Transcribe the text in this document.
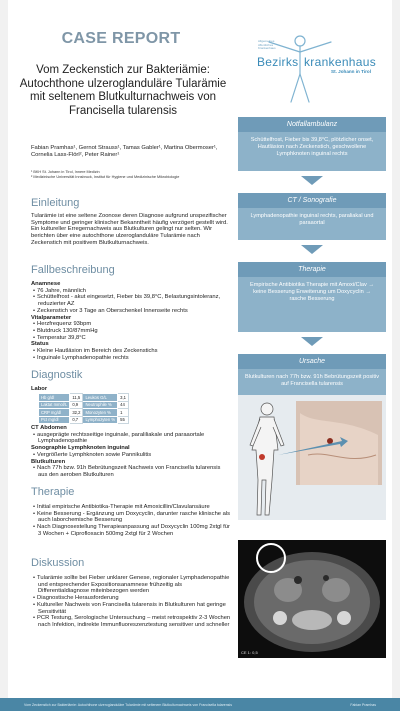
CASE REPORT
Vom Zeckenstich zur Bakteriämie: Autochthone ulzeroglanduläre Tularämie mit seltenem Blutkulturnachweis von Francisella tularensis
Fabian Pramhas¹, Gernot Strauss¹, Tamas Gabler¹, Martina Obermoser¹, Cornelia Lass-Flörl², Peter Rainer¹
¹ BKH St. Johann in Tirol, Innere Medizin
² Medizinische Universität Innsbruck, Institut für Hygiene und Medizinische Mikrobiologie
Allgemeines
öffentliches
Krankenhaus
Bezirks krankenhaus
St. Johann in Tirol
Einleitung
Tularämie ist eine seltene Zoonose deren Diagnose aufgrund unspezifischer Symptome und geringer klinischer Bekanntheit häufig verzögert gestellt wird. Ein kultureller Erregernachweis aus Blutkulturen gelingt nur selten. Wir berichten über eine autochthone ulzeroglanduläre Tularämie nach Zeckenstich mit positivem Blutkulturnachweis.
Fallbeschreibung
Anamnese
• 76 Jahre, männlich
• Schüttelfrost - akut eingesetzt, Fieber bis 39,8°C, Belastungsintoleranz, reduzierter AZ
• Zeckenstich vor 3 Tage an Oberschenkel Innenseite rechts
Vitalparameter
• Herzfrequenz 93bpm
• Blutdruck 130/87mmHg
• Temperatur 39,8°C
Status
• Kleine Hautläsion im Bereich des Zeckenstichs
• Inguinale Lymphadenopathie rechts
Diagnostik
Labor
Hb g/dl	11,5	Leukos G/L	3,1
Laktat mmol/L	0,9	Neutrophile %	44
CRP mg/dl	32,2	Monozyten %	1
Pct mg/dl	0,7	Lymphozyten %	55
CT Abdomen
• ausgeprägte rechtsseitige inguinale, paraliliakale und paraaortale Lymphadenopathie
Sonographie Lymphknoten inguinal
• Vergrößerte Lymphknoten sowie Pannikulitis
Blutkulturen
• Nach 77h bzw. 91h Bebrütungszeit Nachweis von Francisella tularensis aus den aeroben Blutkulturen
Therapie
• Initial empirische Antibiotika-Therapie mit Amoxicillin/Clavulansäure
• Keine Besserung - Ergänzung um Doxycyclin, darunter rasche klinische als auch laborchemische Besserung
• Nach Diagnosestellung Therapieanpassung auf Doxycyclin 100mg 2xtgl für 3 Wochen + Ciprofloxacin 500mg 2xtgl für 2 Wochen
Diskussion
• Tularämie sollte bei Fieber unklarer Genese, regionaler Lymphadenopathie und entsprechender Expositionsanamnese frühzeitig als Differentialdiagnose miteinbezogen werden
• Diagnostische Herausforderung
• Kultureller Nachweis von Francisella tularensis in Blutkulturen hat geringe Sensitivität
• PCR Testung, Serologische Untersuchung – meist retrospektiv 2-3 Wochen nach Infektion, indirekte Immunfluoreszenztestung sensitiver und schneller
Notfallambulanz
Schüttelfrost, Fieber bis 39,8°C, plötzlicher onset, Hautläsion nach Zeckenstich, geschwollene Lymphknoten inguinal rechts
CT / Sonografie
Lymphadenopathie inguinal rechts, paraliakal und paraaortal
Therapie
Empirische Antibiotika Therapie mit Amoxi/Clav → keine Besserung Erweiterung um Doxycyclin → rasche Besserung
Ursache
Blutkulturen nach 77h bzw. 91h Bebrütungszeit positiv auf Francisella tularensis
CE 1: 0,5
Vom Zeckenstich zur Bakteriämie: Autochthone ulzeroglanduläre Tularämie mit seltenem Blutkulturnachweis von Francisella tularensis	Fabian Pramhas
